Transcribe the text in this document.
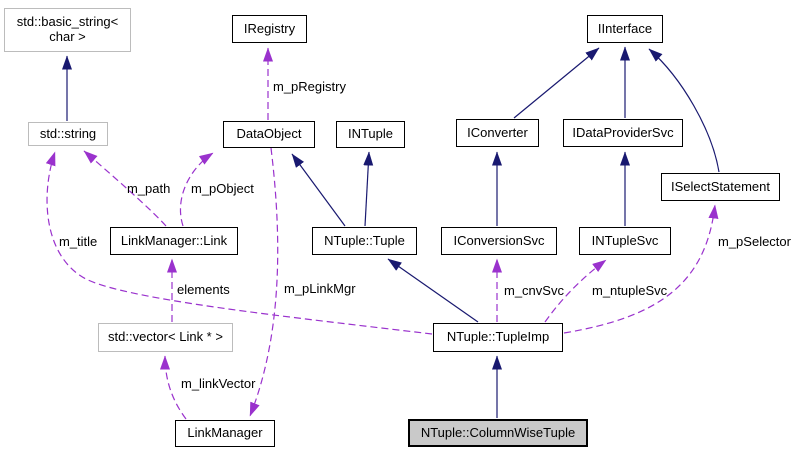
m_pRegistry
m_path m_pObject
m_title
elements	m_pLinkMgr
m_linkVector
m_cnvSvc m_ntupleSvc
m_pSelector
std::basic_string<
char >
IRegistry	IInterface
std::string	DataObject	INTuple	IConverter	IDataProviderSvc
ISelectStatement
LinkManager::Link	NTuple::Tuple	IConversionSvc	INTupleSvc
std::vector< Link * >	NTuple::TupleImp
LinkManager	NTuple::ColumnWiseTuple
